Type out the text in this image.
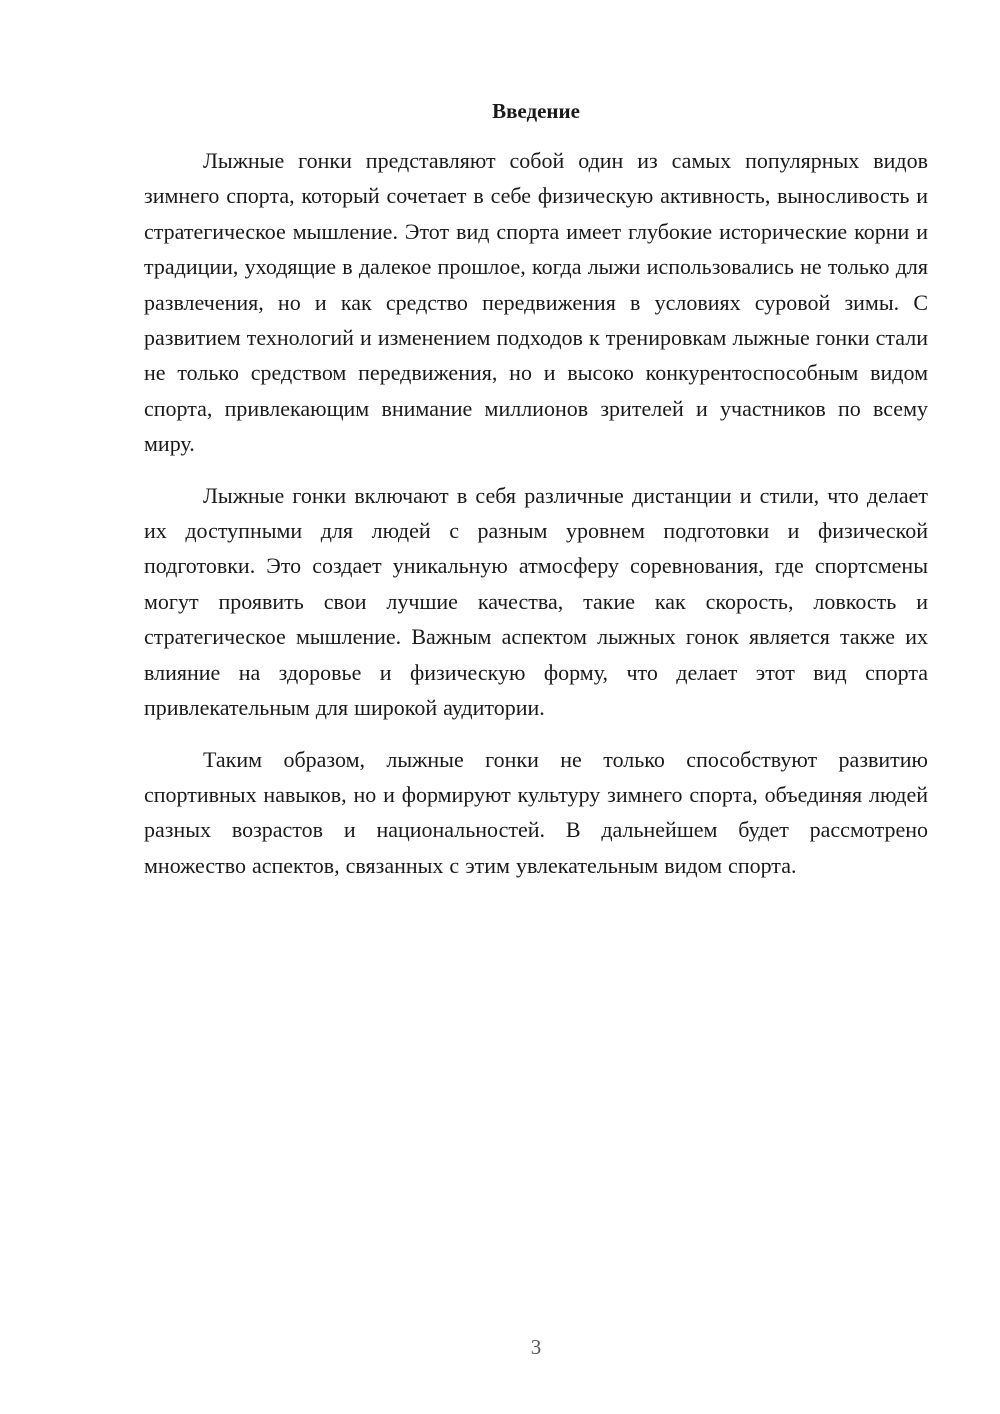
Введение

Лыжные гонки представляют собой один из самых популярных видов зимнего спорта, который сочетает в себе физическую активность, выносливость и стратегическое мышление. Этот вид спорта имеет глубокие исторические корни и традиции, уходящие в далекое прошлое, когда лыжи использовались не только для развлечения, но и как средство передвижения в условиях суровой зимы. С развитием технологий и изменением подходов к тренировкам лыжные гонки стали не только средством передвижения, но и высоко конкурентоспособным видом спорта, привлекающим внимание миллионов зрителей и участников по всему миру.

Лыжные гонки включают в себя различные дистанции и стили, что делает их доступными для людей с разным уровнем подготовки и физической подготовки. Это создает уникальную атмосферу соревнования, где спортсмены могут проявить свои лучшие качества, такие как скорость, ловкость и стратегическое мышление. Важным аспектом лыжных гонок является также их влияние на здоровье и физическую форму, что делает этот вид спорта привлекательным для широкой аудитории.

Таким образом, лыжные гонки не только способствуют развитию спортивных навыков, но и формируют культуру зимнего спорта, объединяя людей разных возрастов и национальностей. В дальнейшем будет рассмотрено множество аспектов, связанных с этим увлекательным видом спорта.

3
